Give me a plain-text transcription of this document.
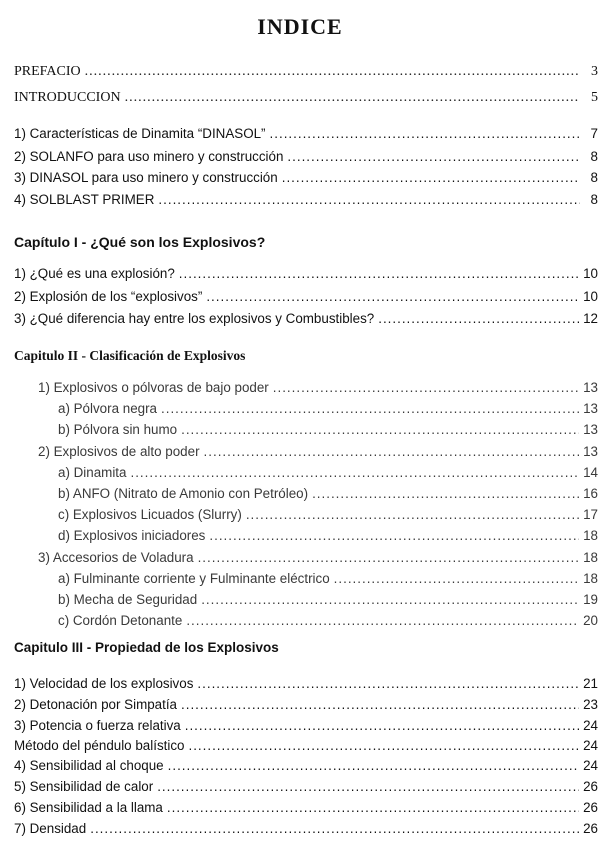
INDICE
PREFACIO .....	3
INTRODUCCION .....	5
1) Características de Dinamita “DINASOL” .....	7
2) SOLANFO para uso minero y construcción .....	8
3) DINASOL para uso minero y construcción .....	8
4) SOLBLAST PRIMER .....	8
Capítulo I - ¿Qué son los Explosivos?
1) ¿Qué es una explosión? .....	10
2) Explosión de los “explosivos” .....	10
3) ¿Qué diferencia hay entre los explosivos y Combustibles? .....	12
Capitulo II - Clasificación de Explosivos
1) Explosivos o pólvoras de bajo poder .....	13
a) Pólvora negra .....	13
b) Pólvora sin humo .....	13
2) Explosivos de alto poder .....	13
a) Dinamita .....	14
b) ANFO (Nitrato de Amonio con Petróleo) .....	16
c) Explosivos Licuados (Slurry) .....	17
d) Explosivos iniciadores .....	18
3) Accesorios de Voladura .....	18
a) Fulminante corriente y Fulminante eléctrico .....	18
b) Mecha de Seguridad .....	19
c) Cordón Detonante .....	20
Capitulo III - Propiedad de los Explosivos
1) Velocidad de los explosivos .....	21
2) Detonación por Simpatía .....	23
3) Potencia o fuerza relativa .....	24
Método del péndulo balístico .....	24
4) Sensibilidad al choque .....	24
5) Sensibilidad de calor .....	26
6) Sensibilidad a la llama .....	26
7) Densidad .....	26
